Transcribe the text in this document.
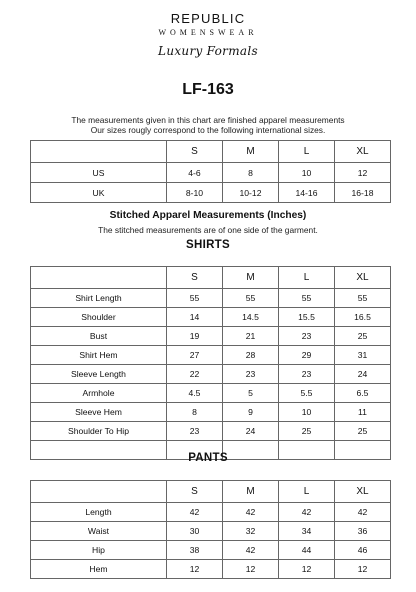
REPUBLIC
WOMENSWEAR
Luxury Formals
LF-163
The measurements given in this chart are finished apparel measurements
Our sizes rougly correspond to the following international sizes.
	S	M	L	XL
US	4-6	8	10	12
UK	8-10	10-12	14-16	16-18
Stitched Apparel Measurements (Inches)
The stitched measurements are of one side of the garment.
SHIRTS
	S	M	L	XL
Shirt Length	55	55	55	55
Shoulder	14	14.5	15.5	16.5
Bust	19	21	23	25
Shirt Hem	27	28	29	31
Sleeve Length	22	23	23	24
Armhole	4.5	5	5.5	6.5
Sleeve Hem	8	9	10	11
Shoulder To Hip	23	24	25	25

PANTS
	S	M	L	XL
Length	42	42	42	42
Waist	30	32	34	36
Hip	38	42	44	46
Hem	12	12	12	12
